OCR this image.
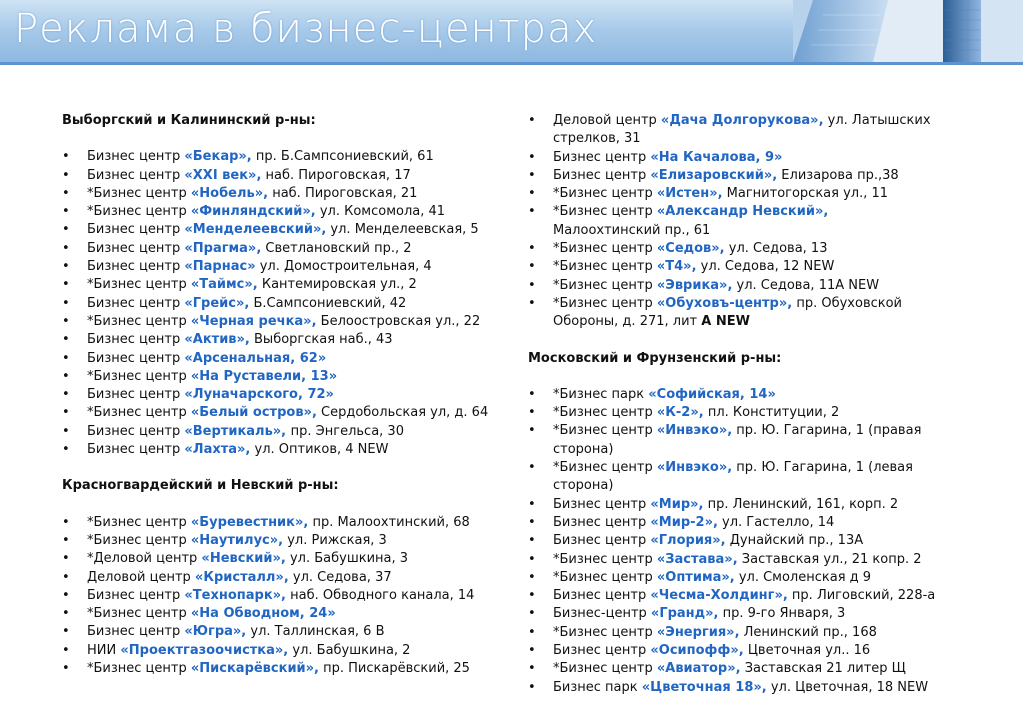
Реклама в бизнес-центрах

Выборгский и Калининский р-ны:

• Бизнес центр «Бекар», пр. Б.Сампсониевский, 61
• Бизнес центр «XXI век», наб. Пироговская, 17
• *Бизнес центр «Нобель», наб. Пироговская, 21
• *Бизнес центр «Финляндский», ул. Комсомола, 41
• Бизнес центр «Менделеевский», ул. Менделеевская, 5
• Бизнес центр «Прагма», Светлановский пр., 2
• Бизнес центр «Парнас» ул. Домостроительная, 4
• *Бизнес центр «Таймс», Кантемировская ул., 2
• Бизнес центр «Грейс», Б.Сампсониевский, 42
• *Бизнес центр «Черная речка», Белоостровская ул., 22
• Бизнес центр «Актив», Выборгская наб., 43
• Бизнес центр «Арсенальная, 62»
• *Бизнес центр «На Руставели, 13»
• Бизнес центр «Луначарского, 72»
• *Бизнес центр «Белый остров», Сердобольская ул, д. 64
• Бизнес центр «Вертикаль», пр. Энгельса, 30
• Бизнес центр «Лахта», ул. Оптиков, 4 NEW

Красногвардейский и Невский р-ны:

• *Бизнес центр «Буревестник», пр. Малоохтинский, 68
• *Бизнес центр «Наутилус», ул. Рижская, 3
• *Деловой центр «Невский», ул. Бабушкина, 3
• Деловой центр «Кристалл», ул. Седова, 37
• Бизнес центр «Технопарк», наб. Обводного канала, 14
• *Бизнес центр «На Обводном, 24»
• Бизнес центр «Югра», ул. Таллинская, 6 В
• НИИ «Проектгазоочистка», ул. Бабушкина, 2
• *Бизнес центр «Пискарёвский», пр. Пискарёвский, 25
• Деловой центр «Дача Долгорукова», ул. Латышских стрелков, 31
• Бизнес центр «На Качалова, 9»
• Бизнес центр «Елизаровский», Елизарова пр.,38
• *Бизнес центр «Истен», Магнитогорская ул., 11
• *Бизнес центр «Александр Невский»,
Малоохтинский пр., 61
• *Бизнес центр «Седов», ул. Седова, 13
• *Бизнес центр «Т4», ул. Седова, 12 NEW
• *Бизнес центр «Эврика», ул. Седова, 11А NEW
• *Бизнес центр «Обуховъ-центр», пр. Обуховской Обороны, д. 271, лит А NEW

Московский и Фрунзенский р-ны:

• *Бизнес парк «Софийская, 14»
• *Бизнес центр «К-2», пл. Конституции, 2
• *Бизнес центр «Инвэко», пр. Ю. Гагарина, 1 (правая сторона)
• *Бизнес центр «Инвэко», пр. Ю. Гагарина, 1 (левая сторона)
• Бизнес центр «Мир», пр. Ленинский, 161, корп. 2
• Бизнес центр «Мир-2», ул. Гастелло, 14
• Бизнес центр «Глория», Дунайский пр., 13А
• *Бизнес центр «Застава», Заставская ул., 21 копр. 2
• *Бизнес центр «Оптима», ул. Смоленская д 9
• Бизнес центр «Чесма-Холдинг», пр. Лиговский, 228-а
• Бизнес-центр «Гранд», пр. 9-го Января, 3
• *Бизнес центр «Энергия», Ленинский пр., 168
• Бизнес центр «Осипофф», Цветочная ул.. 16
• *Бизнес центр «Авиатор», Заставская 21 литер Щ
• Бизнес парк «Цветочная 18», ул. Цветочная, 18 NEW
